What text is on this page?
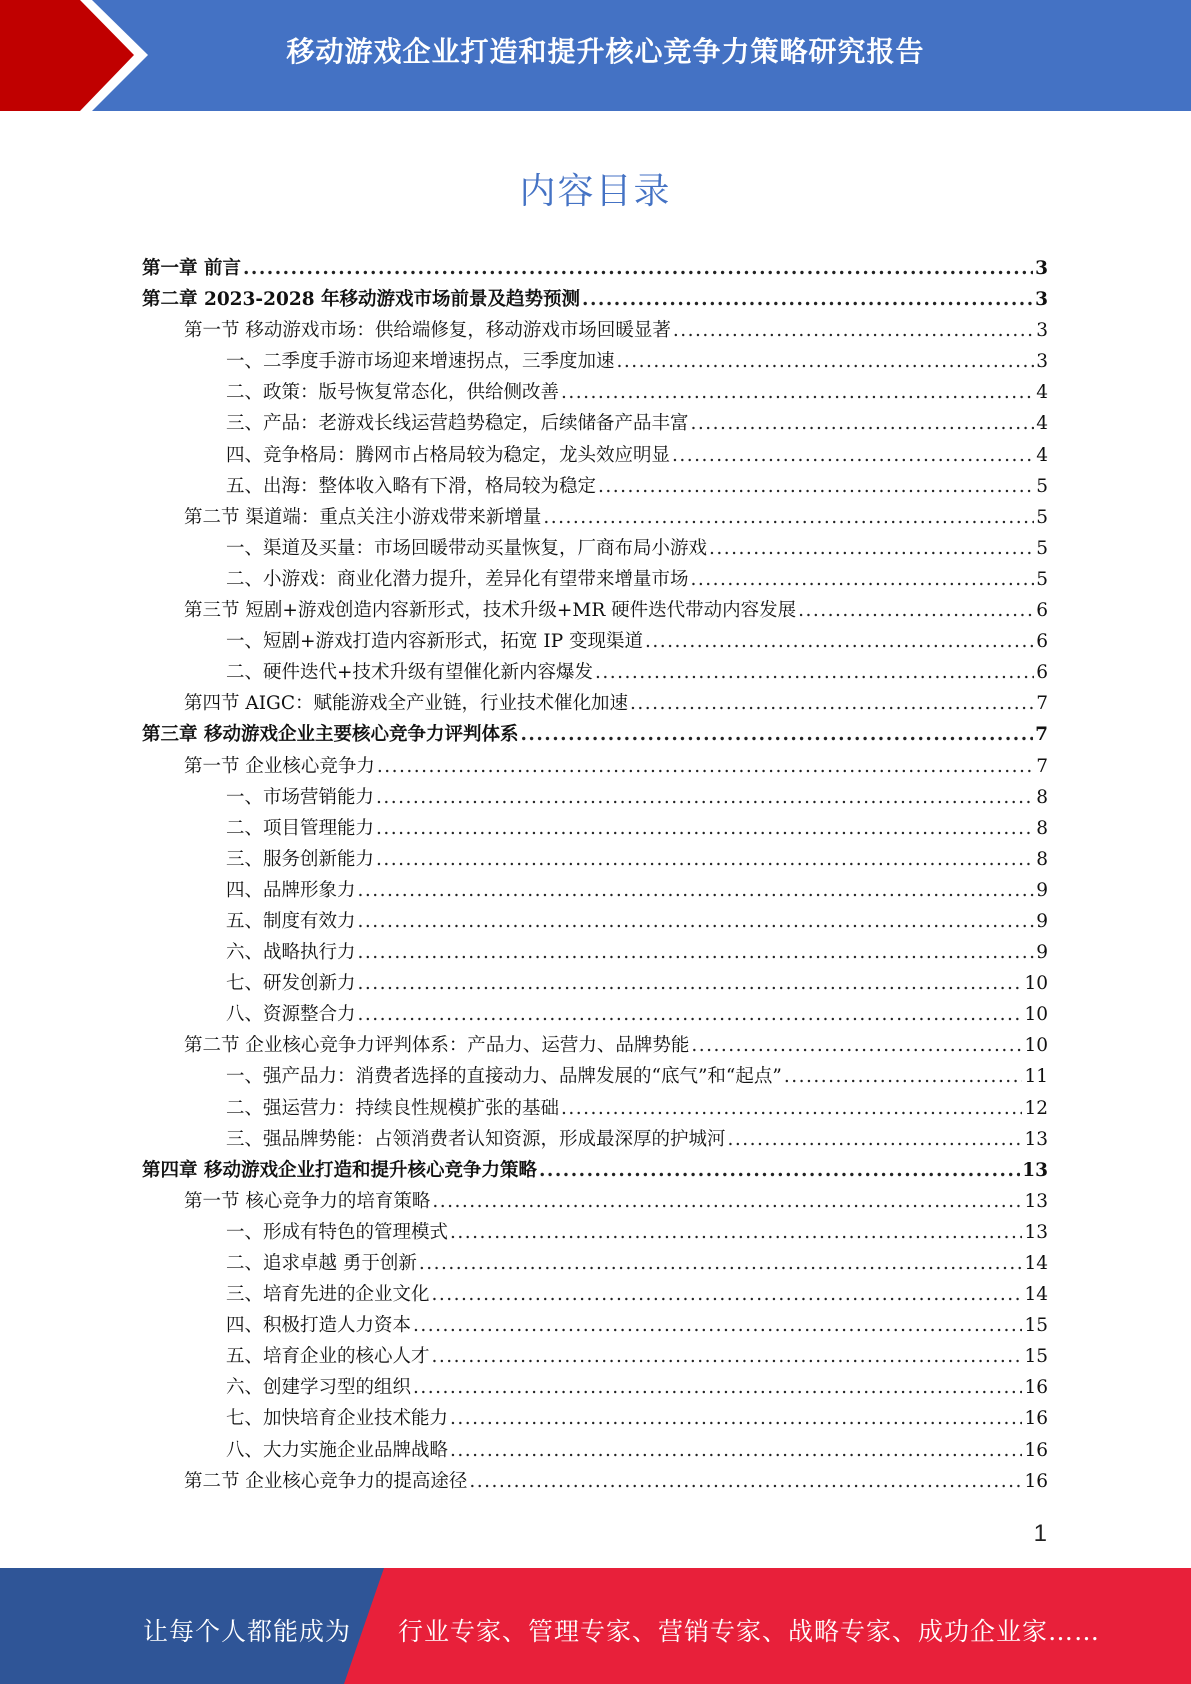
移动游戏企业打造和提升核心竞争力策略研究报告
内容目录
第一章 前言 .....	3
第二章 2023-2028 年移动游戏市场前景及趋势预测 .....	3
第一节 移动游戏市场：供给端修复，移动游戏市场回暖显著 .....	3
一、二季度手游市场迎来增速拐点，三季度加速 .....	3
二、政策：版号恢复常态化，供给侧改善 .....	4
三、产品：老游戏长线运营趋势稳定，后续储备产品丰富 .....	4
四、竞争格局：腾网市占格局较为稳定，龙头效应明显 .....	4
五、出海：整体收入略有下滑，格局较为稳定 .....	5
第二节 渠道端：重点关注小游戏带来新增量 .....	5
一、渠道及买量：市场回暖带动买量恢复，厂商布局小游戏 .....	5
二、小游戏：商业化潜力提升，差异化有望带来增量市场 .....	5
第三节 短剧+游戏创造内容新形式，技术升级+MR 硬件迭代带动内容发展 .....	6
一、短剧+游戏打造内容新形式，拓宽 IP 变现渠道 .....	6
二、硬件迭代+技术升级有望催化新内容爆发 .....	6
第四节 AIGC：赋能游戏全产业链，行业技术催化加速 .....	7
第三章 移动游戏企业主要核心竞争力评判体系 .....	7
第一节 企业核心竞争力 .....	7
一、市场营销能力 .....	8
二、项目管理能力 .....	8
三、服务创新能力 .....	8
四、品牌形象力 .....	9
五、制度有效力 .....	9
六、战略执行力 .....	9
七、研发创新力 .....	10
八、资源整合力 .....	10
第二节 企业核心竞争力评判体系：产品力、运营力、品牌势能 .....	10
一、强产品力：消费者选择的直接动力、品牌发展的“底气”和“起点” .....	11
二、强运营力：持续良性规模扩张的基础 .....	12
三、强品牌势能：占领消费者认知资源，形成最深厚的护城河 .....	13
第四章 移动游戏企业打造和提升核心竞争力策略 .....	13
第一节 核心竞争力的培育策略 .....	13
一、形成有特色的管理模式 .....	13
二、追求卓越 勇于创新 .....	14
三、培育先进的企业文化 .....	14
四、积极打造人力资本 .....	15
五、培育企业的核心人才 .....	15
六、创建学习型的组织 .....	16
七、加快培育企业技术能力 .....	16
八、大力实施企业品牌战略 .....	16
第二节 企业核心竞争力的提高途径 .....	16
1
让每个人都能成为 行业专家、管理专家、营销专家、战略专家、成功企业家……
